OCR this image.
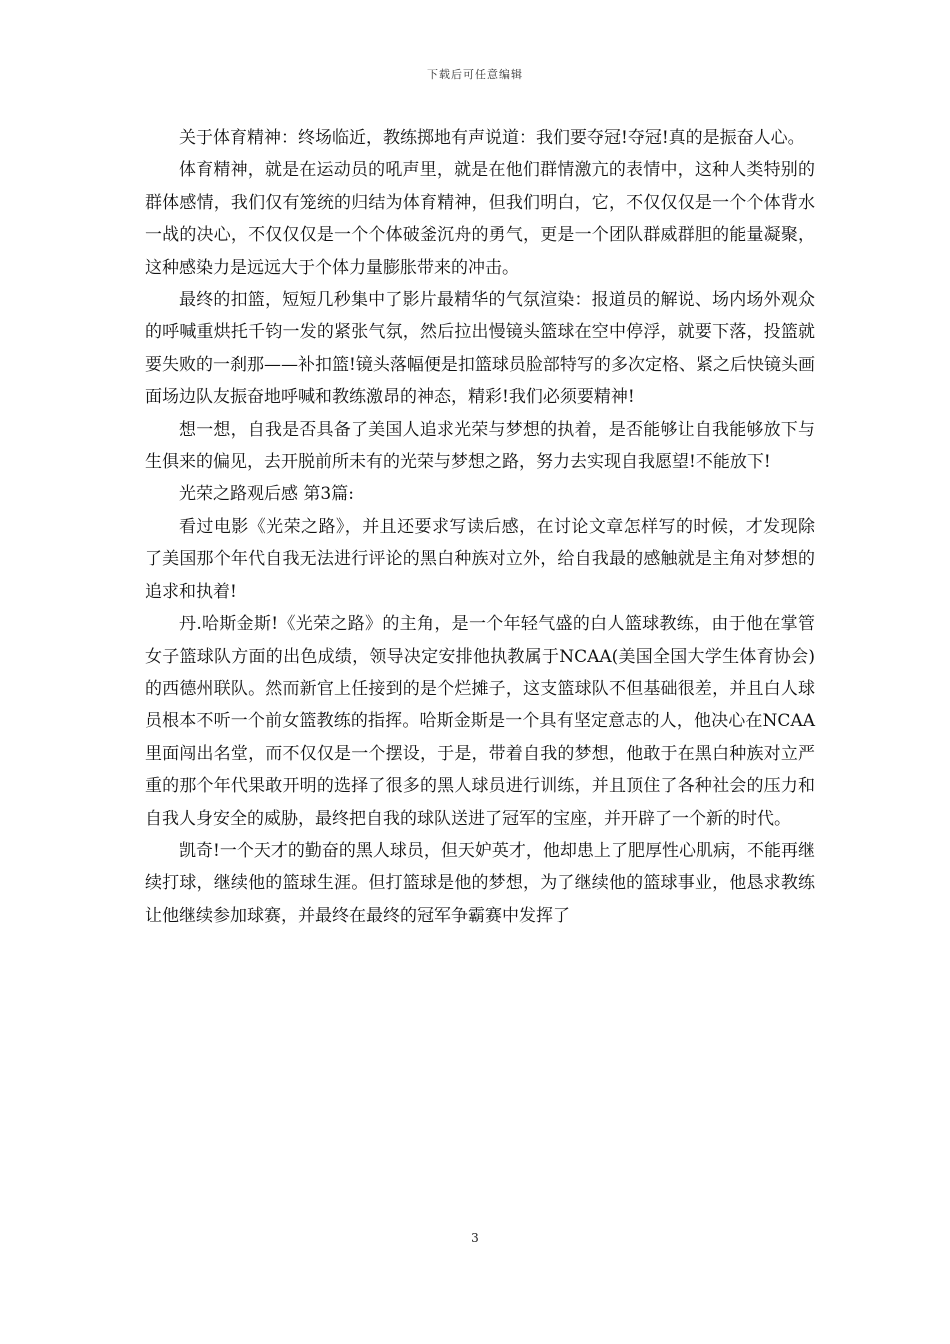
下载后可任意编辑

关于体育精神：终场临近，教练掷地有声说道：我们要夺冠!夺冠!真的是振奋人心。

体育精神，就是在运动员的吼声里，就是在他们群情激亢的表情中，这种人类特别的群体感情，我们仅有笼统的归结为体育精神，但我们明白，它，不仅仅仅是一个个体背水一战的决心，不仅仅仅是一个个体破釜沉舟的勇气，更是一个团队群威群胆的能量凝聚，这种感染力是远远大于个体力量膨胀带来的冲击。

最终的扣篮，短短几秒集中了影片最精华的气氛渲染：报道员的解说、场内场外观众的呼喊重烘托千钧一发的紧张气氛，然后拉出慢镜头篮球在空中停浮，就要下落，投篮就要失败的一刹那——补扣篮!镜头落幅便是扣篮球员脸部特写的多次定格、紧之后快镜头画面场边队友振奋地呼喊和教练激昂的神态，精彩!我们必须要精神!

想一想，自我是否具备了美国人追求光荣与梦想的执着，是否能够让自我能够放下与生俱来的偏见，去开脱前所未有的光荣与梦想之路，努力去实现自我愿望!不能放下!

光荣之路观后感 第3篇:

看过电影《光荣之路》，并且还要求写读后感，在讨论文章怎样写的时候，才发现除了美国那个年代自我无法进行评论的黑白种族对立外，给自我最的感触就是主角对梦想的追求和执着!

丹.哈斯金斯!《光荣之路》的主角，是一个年轻气盛的白人篮球教练，由于他在掌管女子篮球队方面的出色成绩，领导决定安排他执教属于NCAA(美国全国大学生体育协会)的西德州联队。然而新官上任接到的是个烂摊子，这支篮球队不但基础很差，并且白人球员根本不听一个前女篮教练的指挥。哈斯金斯是一个具有坚定意志的人，他决心在NCAA里面闯出名堂，而不仅仅是一个摆设，于是，带着自我的梦想，他敢于在黑白种族对立严重的那个年代果敢开明的选择了很多的黑人球员进行训练，并且顶住了各种社会的压力和自我人身安全的威胁，最终把自我的球队送进了冠军的宝座，并开辟了一个新的时代。

凯奇!一个天才的勤奋的黑人球员，但天妒英才，他却患上了肥厚性心肌病，不能再继续打球，继续他的篮球生涯。但打篮球是他的梦想，为了继续他的篮球事业，他恳求教练让他继续参加球赛，并最终在最终的冠军争霸赛中发挥了

3
